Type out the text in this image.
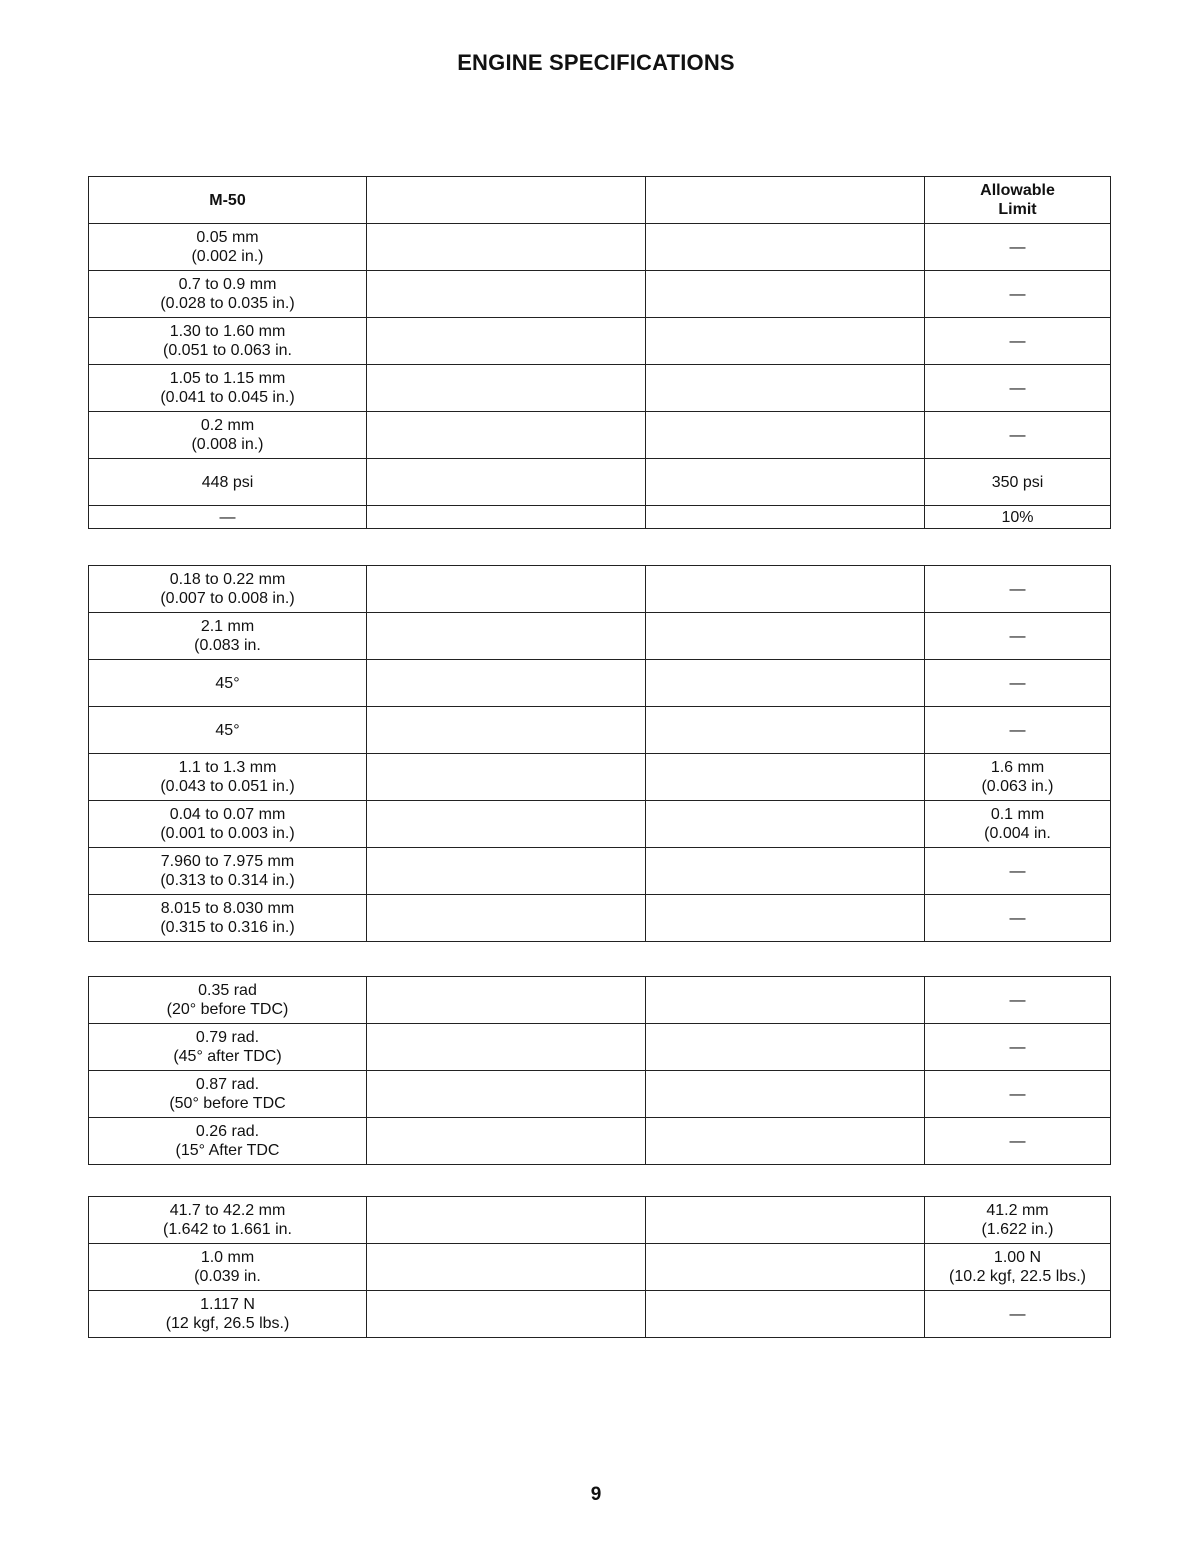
ENGINE SPECIFICATIONS
M-50			Allowable
Limit

0.05 mm
(0.002 in.)			—

0.7 to 0.9 mm
(0.028 to 0.035 in.)			—

1.30 to 1.60 mm
(0.051 to 0.063 in.			—

1.05 to 1.15 mm
(0.041 to 0.045 in.)			—

0.2 mm
(0.008 in.)			—

448 psi			350 psi

—			10%
0.18 to 0.22 mm
(0.007 to 0.008 in.)			—

2.1 mm
(0.083 in.			—

45°			—

45°			—

1.1 to 1.3 mm
(0.043 to 0.051 in.)			1.6 mm
(0.063 in.)

0.04 to 0.07 mm
(0.001 to 0.003 in.)			0.1 mm
(0.004 in.

7.960 to 7.975 mm
(0.313 to 0.314 in.)			—

8.015 to 8.030 mm
(0.315 to 0.316 in.)			—
0.35 rad
(20° before TDC)			—

0.79 rad.
(45° after TDC)			—

0.87 rad.
(50° before TDC			—

0.26 rad.
(15° After TDC			—
41.7 to 42.2 mm
(1.642 to 1.661 in.			41.2 mm
(1.622 in.)

1.0 mm
(0.039 in.			1.00 N
(10.2 kgf, 22.5 lbs.)

1.117 N
(12 kgf, 26.5 lbs.)			—
9
